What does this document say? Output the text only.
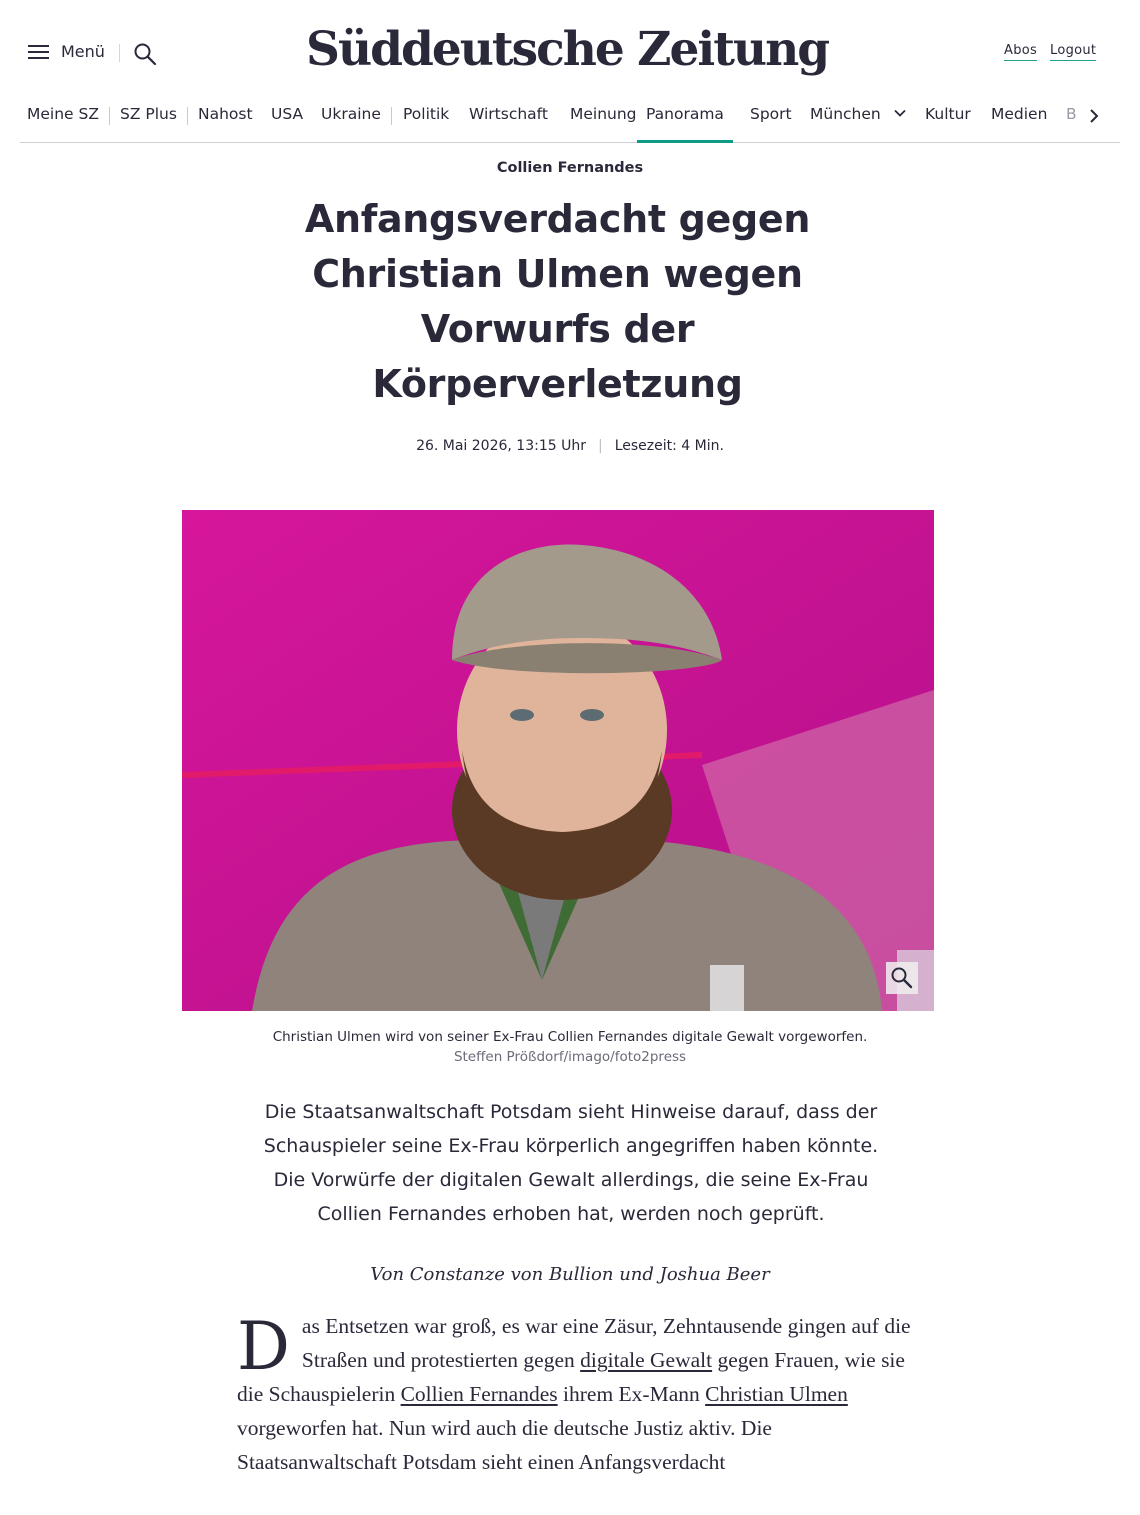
Menü	Süddeutsche Zeitung	Abos Logout
Meine SZ SZ Plus Nahost USA Ukraine Politik Wirtschaft Meinung Panorama	Sport München	Kultur Medien B
Collien Fernandes
Anfangsverdacht gegen Christian Ulmen wegen Vorwurfs der Körperverletzung
26. Mai 2026, 13:15 Uhr | Lesezeit: 4 Min.
Christian Ulmen wird von seiner Ex-Frau Collien Fernandes digitale Gewalt vorgeworfen.
Steffen Prößdorf/imago/foto2press

Die Staatsanwaltschaft Potsdam sieht Hinweise darauf, dass der Schauspieler seine Ex-Frau körperlich angegriffen haben könnte. Die Vorwürfe der digitalen Gewalt allerdings, die seine Ex-Frau Collien Fernandes erhoben hat, werden noch geprüft.

Von Constanze von Bullion und Joshua Beer
Das Entsetzen war groß, es war eine Zäsur, Zehntausende gingen auf die Straßen und protestierten gegen digitale Gewalt gegen Frauen, wie sie die Schauspielerin Collien Fernandes ihrem Ex-Mann Christian Ulmen vorgeworfen hat. Nun wird auch die deutsche Justiz aktiv. Die Staatsanwaltschaft Potsdam sieht einen Anfangsverdacht
